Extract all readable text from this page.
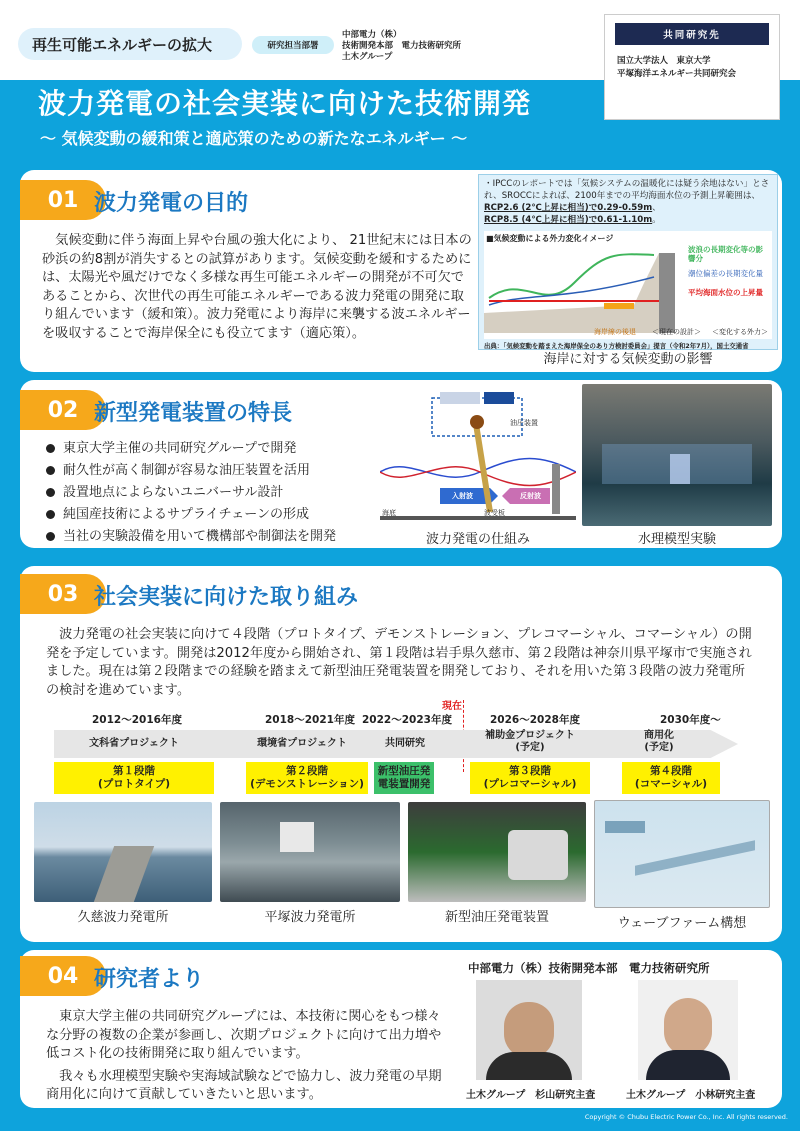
再生可能エネルギーの拡大	研究担当部署
中部電力（株）
技術開発本部　電力技術研究所
土木グループ
共同研究先
国立大学法人　東京大学
平塚海洋エネルギー共同研究会
波力発電の社会実装に向けた技術開発
～ 気候変動の緩和策と適応策のための新たなエネルギー ～
01 波力発電の目的
　気候変動に伴う海面上昇や台風の強大化により、 21世紀末には日本の砂浜の約8割が消失するとの試算があります。気候変動を緩和するためには、太陽光や風だけでなく多様な再生可能エネルギーの開発が不可欠であることから、次世代の再生可能エネルギーである波力発電の開発に取り組んでいます（緩和策）。波力発電により海岸に来襲する波エネルギーを吸収することで海岸保全にも役立てます（適応策）。
・IPCCのレポートでは「気候システムの温暖化には疑う余地はない」とされ、SROCCによれば、2100年までの平均海面水位の予測上昇範囲は、
RCP2.6 (2℃上昇に相当)で0.29-0.59m、
RCP8.5 (4℃上昇に相当)で0.61-1.10m。
■気候変動による外力変化イメージ
波浪の長期変化等の影響分
潮位偏差の長期変化量
平均海面水位の上昇量
海岸線の後退 ＜現在の設計＞ ＜変化する外力＞
出典：「気候変動を踏まえた海岸保全のあり方検討委員会」提言（令和2年7月），国土交通省
海岸に対する気候変動の影響
02 新型発電装置の特長
東京大学主催の共同研究グループで開発
耐久性が高く制御が容易な油圧装置を活用
設置地点によらないユニバーサル設計
純国産技術によるサプライチェーンの形成
当社の実験設備を用いて機構部や制御法を開発
油圧装置
入射波	反射波
波受板
海底
波力発電の仕組み	水理模型実験
03 社会実装に向けた取り組み
　波力発電の社会実装に向けて４段階（プロトタイプ、デモンストレーション、プレコマーシャル、コマーシャル）の開発を予定しています。開発は2012年度から開始され、第１段階は岩手県久慈市、第２段階は神奈川県平塚市で実施されました。現在は第２段階までの経験を踏まえて新型油圧発電装置を開発しており、それを用いた第３段階の波力発電所の検討を進めています。
現在
2012～2016年度	2018～2021年度 2022～2023年度	2026～2028年度	2030年度～
文科省プロジェクト	環境省プロジェクト	共同研究
補助金プロジェクト
(予定)
商用化
(予定)
第１段階
(プロトタイプ)
第２段階
(デモンストレーション)
新型油圧発
電装置開発
第３段階
(プレコマーシャル)
第４段階
(コマーシャル)
久慈波力発電所	平塚波力発電所	新型油圧発電装置	ウェーブファーム構想
04 研究者より	中部電力（株）技術開発本部　電力技術研究所
　東京大学主催の共同研究グループには、本技術に関心をもつ様々な分野の複数の企業が参画し、次期プロジェクトに向けて出力増や低コスト化の技術開発に取り組んでいます。
　我々も水理模型実験や実海域試験などで協力し、波力発電の早期商用化に向けて貢献していきたいと思います。	土木グループ　杉山研究主査	土木グループ　小林研究主査
Copyright © Chubu Electric Power Co., Inc. All rights reserved.
